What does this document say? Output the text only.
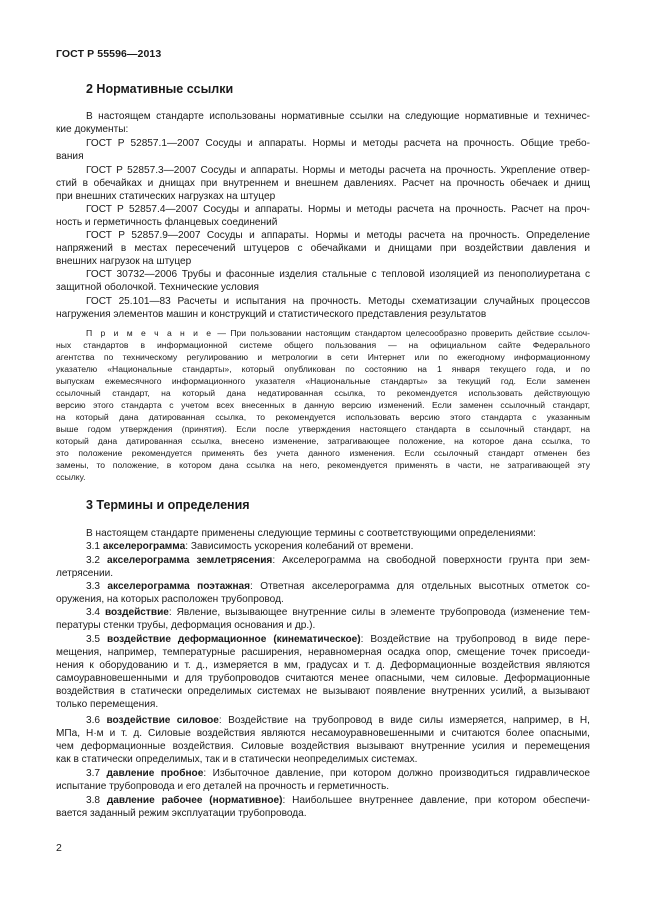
ГОСТ Р 55596—2013
2 Нормативные ссылки
В настоящем стандарте использованы нормативные ссылки на следующие нормативные и техничес-
кие документы:
ГОСТ Р 52857.1—2007 Сосуды и аппараты. Нормы и методы расчета на прочность. Общие требо-
вания
ГОСТ Р 52857.3—2007 Сосуды и аппараты. Нормы и методы расчета на прочность. Укрепление отвер-
стий в обечайках и днищах при внутреннем и внешнем давлениях. Расчет на прочность обечаек и днищ
при внешних статических нагрузках на штуцер
ГОСТ Р 52857.4—2007 Сосуды и аппараты. Нормы и методы расчета на прочность. Расчет на проч-
ность и герметичность фланцевых соединений
ГОСТ Р 52857.9—2007 Сосуды и аппараты. Нормы и методы расчета на прочность. Определение
напряжений в местах пересечений штуцеров с обечайками и днищами при воздействии давления и
внешних нагрузок на штуцер
ГОСТ 30732—2006 Трубы и фасонные изделия стальные с тепловой изоляцией из пенополиуретана с
защитной оболочкой. Технические условия
ГОСТ 25.101—83 Расчеты и испытания на прочность. Методы схематизации случайных процессов
нагружения элементов машин и конструкций и статистического представления результатов
П р и м е ч а н и е — При пользовании настоящим стандартом целесообразно проверить действие ссылоч-
ных стандартов в информационной системе общего пользования — на официальном сайте Федерального
агентства по техническому регулированию и метрологии в сети Интернет или по ежегодному информационному
указателю «Национальные стандарты», который опубликован по состоянию на 1 января текущего года, и по
выпускам ежемесячного информационного указателя «Национальные стандарты» за текущий год. Если заменен
ссылочный стандарт, на который дана недатированная ссылка, то рекомендуется использовать действующую
версию этого стандарта с учетом всех внесенных в данную версию изменений. Если заменен ссылочный стандарт,
на который дана датированная ссылка, то рекомендуется использовать версию этого стандарта с указанным
выше годом утверждения (принятия). Если после утверждения настоящего стандарта в ссылочный стандарт, на
который дана датированная ссылка, внесено изменение, затрагивающее положение, на которое дана ссылка, то
это положение рекомендуется применять без учета данного изменения. Если ссылочный стандарт отменен без
замены, то положение, в котором дана ссылка на него, рекомендуется применять в части, не затрагивающей эту
ссылку.
3 Термины и определения
В настоящем стандарте применены следующие термины с соответствующими определениями:
3.1 акселерограмма: Зависимость ускорения колебаний от времени.
3.2 акселерограмма землетрясения: Акселерограмма на свободной поверхности грунта при зем-
летрясении.
3.3 акселерограмма поэтажная: Ответная акселерограмма для отдельных высотных отметок со-
оружения, на которых расположен трубопровод.
3.4 воздействие: Явление, вызывающее внутренние силы в элементе трубопровода (изменение тем-
пературы стенки трубы, деформация основания и др.).
3.5 воздействие деформационное (кинематическое): Воздействие на трубопровод в виде пере-
мещения, например, температурные расширения, неравномерная осадка опор, смещение точек присоеди-
нения к оборудованию и т. д., измеряется в мм, градусах и т. д. Деформационные воздействия являются
самоуравновешенными и для трубопроводов считаются менее опасными, чем силовые. Деформационные
воздействия в статически определимых системах не вызывают появление внутренних усилий, а вызывают
только перемещения.
3.6 воздействие силовое: Воздействие на трубопровод в виде силы измеряется, например, в Н,
МПа, Н·м и т. д. Силовые воздействия являются несамоуравновешенными и считаются более опасными,
чем деформационные воздействия. Силовые воздействия вызывают внутренние усилия и перемещения
как в статически определимых, так и в статически неопределимых системах.
3.7 давление пробное: Избыточное давление, при котором должно производиться гидравлическое
испытание трубопровода и его деталей на прочность и герметичность.
3.8 давление рабочее (нормативное): Наибольшее внутреннее давление, при котором обеспечи-
вается заданный режим эксплуатации трубопровода.
2
